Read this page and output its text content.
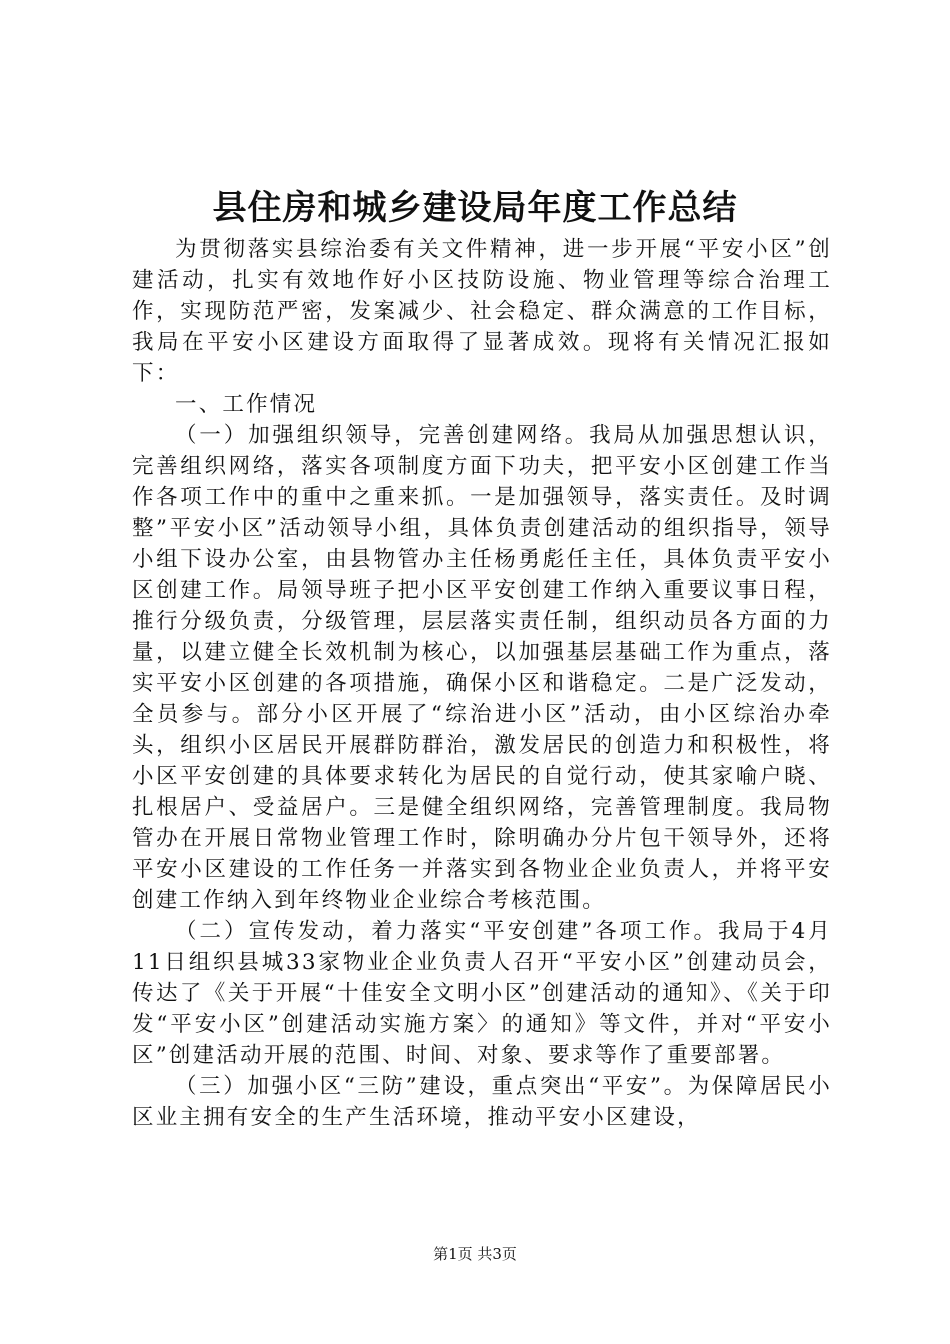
县住房和城乡建设局年度工作总结

为贯彻落实县综治委有关文件精神，进一步开展“平安小区”创建活动，扎实有效地作好小区技防设施、物业管理等综合治理工作，实现防范严密，发案减少、社会稳定、群众满意的工作目标，我局在平安小区建设方面取得了显著成效。现将有关情况汇报如下：

一、工作情况

（一）加强组织领导，完善创建网络。我局从加强思想认识，完善组织网络，落实各项制度方面下功夫，把平安小区创建工作当作各项工作中的重中之重来抓。一是加强领导，落实责任。及时调整”平安小区”活动领导小组，具体负责创建活动的组织指导，领导小组下设办公室，由县物管办主任杨勇彪任主任，具体负责平安小区创建工作。局领导班子把小区平安创建工作纳入重要议事日程，推行分级负责，分级管理，层层落实责任制，组织动员各方面的力量，以建立健全长效机制为核心，以加强基层基础工作为重点，落实平安小区创建的各项措施，确保小区和谐稳定。二是广泛发动，全员参与。部分小区开展了“综治进小区”活动，由小区综治办牵头，组织小区居民开展群防群治，激发居民的创造力和积极性，将小区平安创建的具体要求转化为居民的自觉行动，使其家喻户晓、扎根居户、受益居户。三是健全组织网络，完善管理制度。我局物管办在开展日常物业管理工作时，除明确办分片包干领导外，还将平安小区建设的工作任务一并落实到各物业企业负责人，并将平安创建工作纳入到年终物业企业综合考核范围。

（二）宣传发动，着力落实“平安创建”各项工作。我局于4月11日组织县城33家物业企业负责人召开“平安小区”创建动员会，传达了《关于开展“十佳安全文明小区”创建活动的通知》、《关于印发“平安小区”创建活动实施方案〉的通知》等文件，并对“平安小区”创建活动开展的范围、时间、对象、要求等作了重要部署。

（三）加强小区“三防”建设，重点突出“平安”。为保障居民小区业主拥有安全的生产生活环境，推动平安小区建设，

第1页 共3页
